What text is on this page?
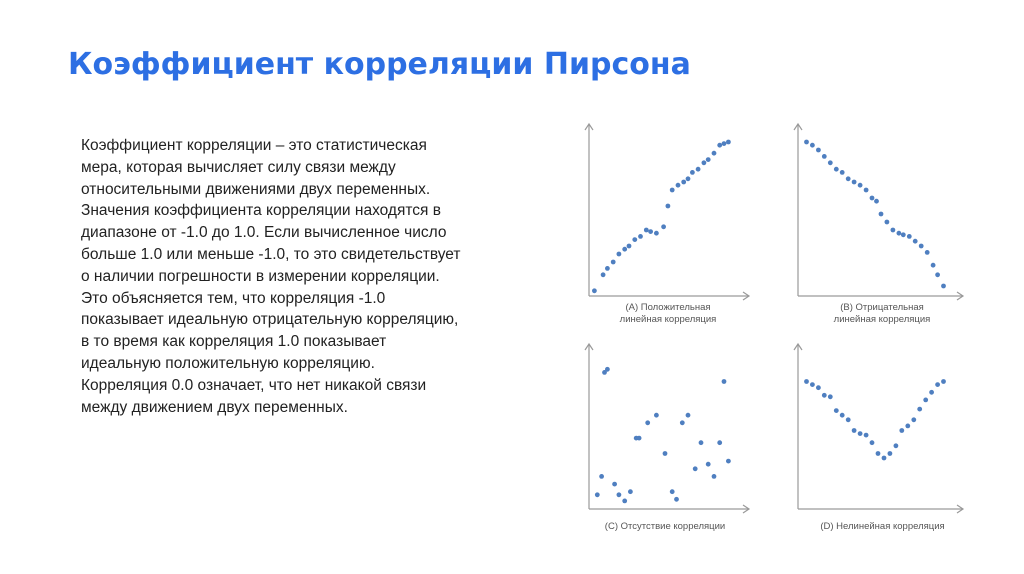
Коэффициент корреляции Пирсона
Коэффициент корреляции – это статистическая
мера, которая вычисляет силу связи между
относительными движениями двух переменных.
Значения коэффициента корреляции находятся в
диапазоне от -1.0 до 1.0. Если вычисленное число
больше 1.0 или меньше -1.0, то это свидетельствует
о наличии погрешности в измерении корреляции.
Это объясняется тем, что корреляция -1.0
показывает идеальную отрицательную корреляцию,
в то время как корреляция 1.0 показывает
идеальную положительную корреляцию.
Корреляция 0.0 означает, что нет никакой связи
между движением двух переменных.
(A) Положительная
линейная корреляция
(B) Отрицательная
линейная корреляция
(C) Отсутствие корреляции	(D) Нелинейная корреляция
